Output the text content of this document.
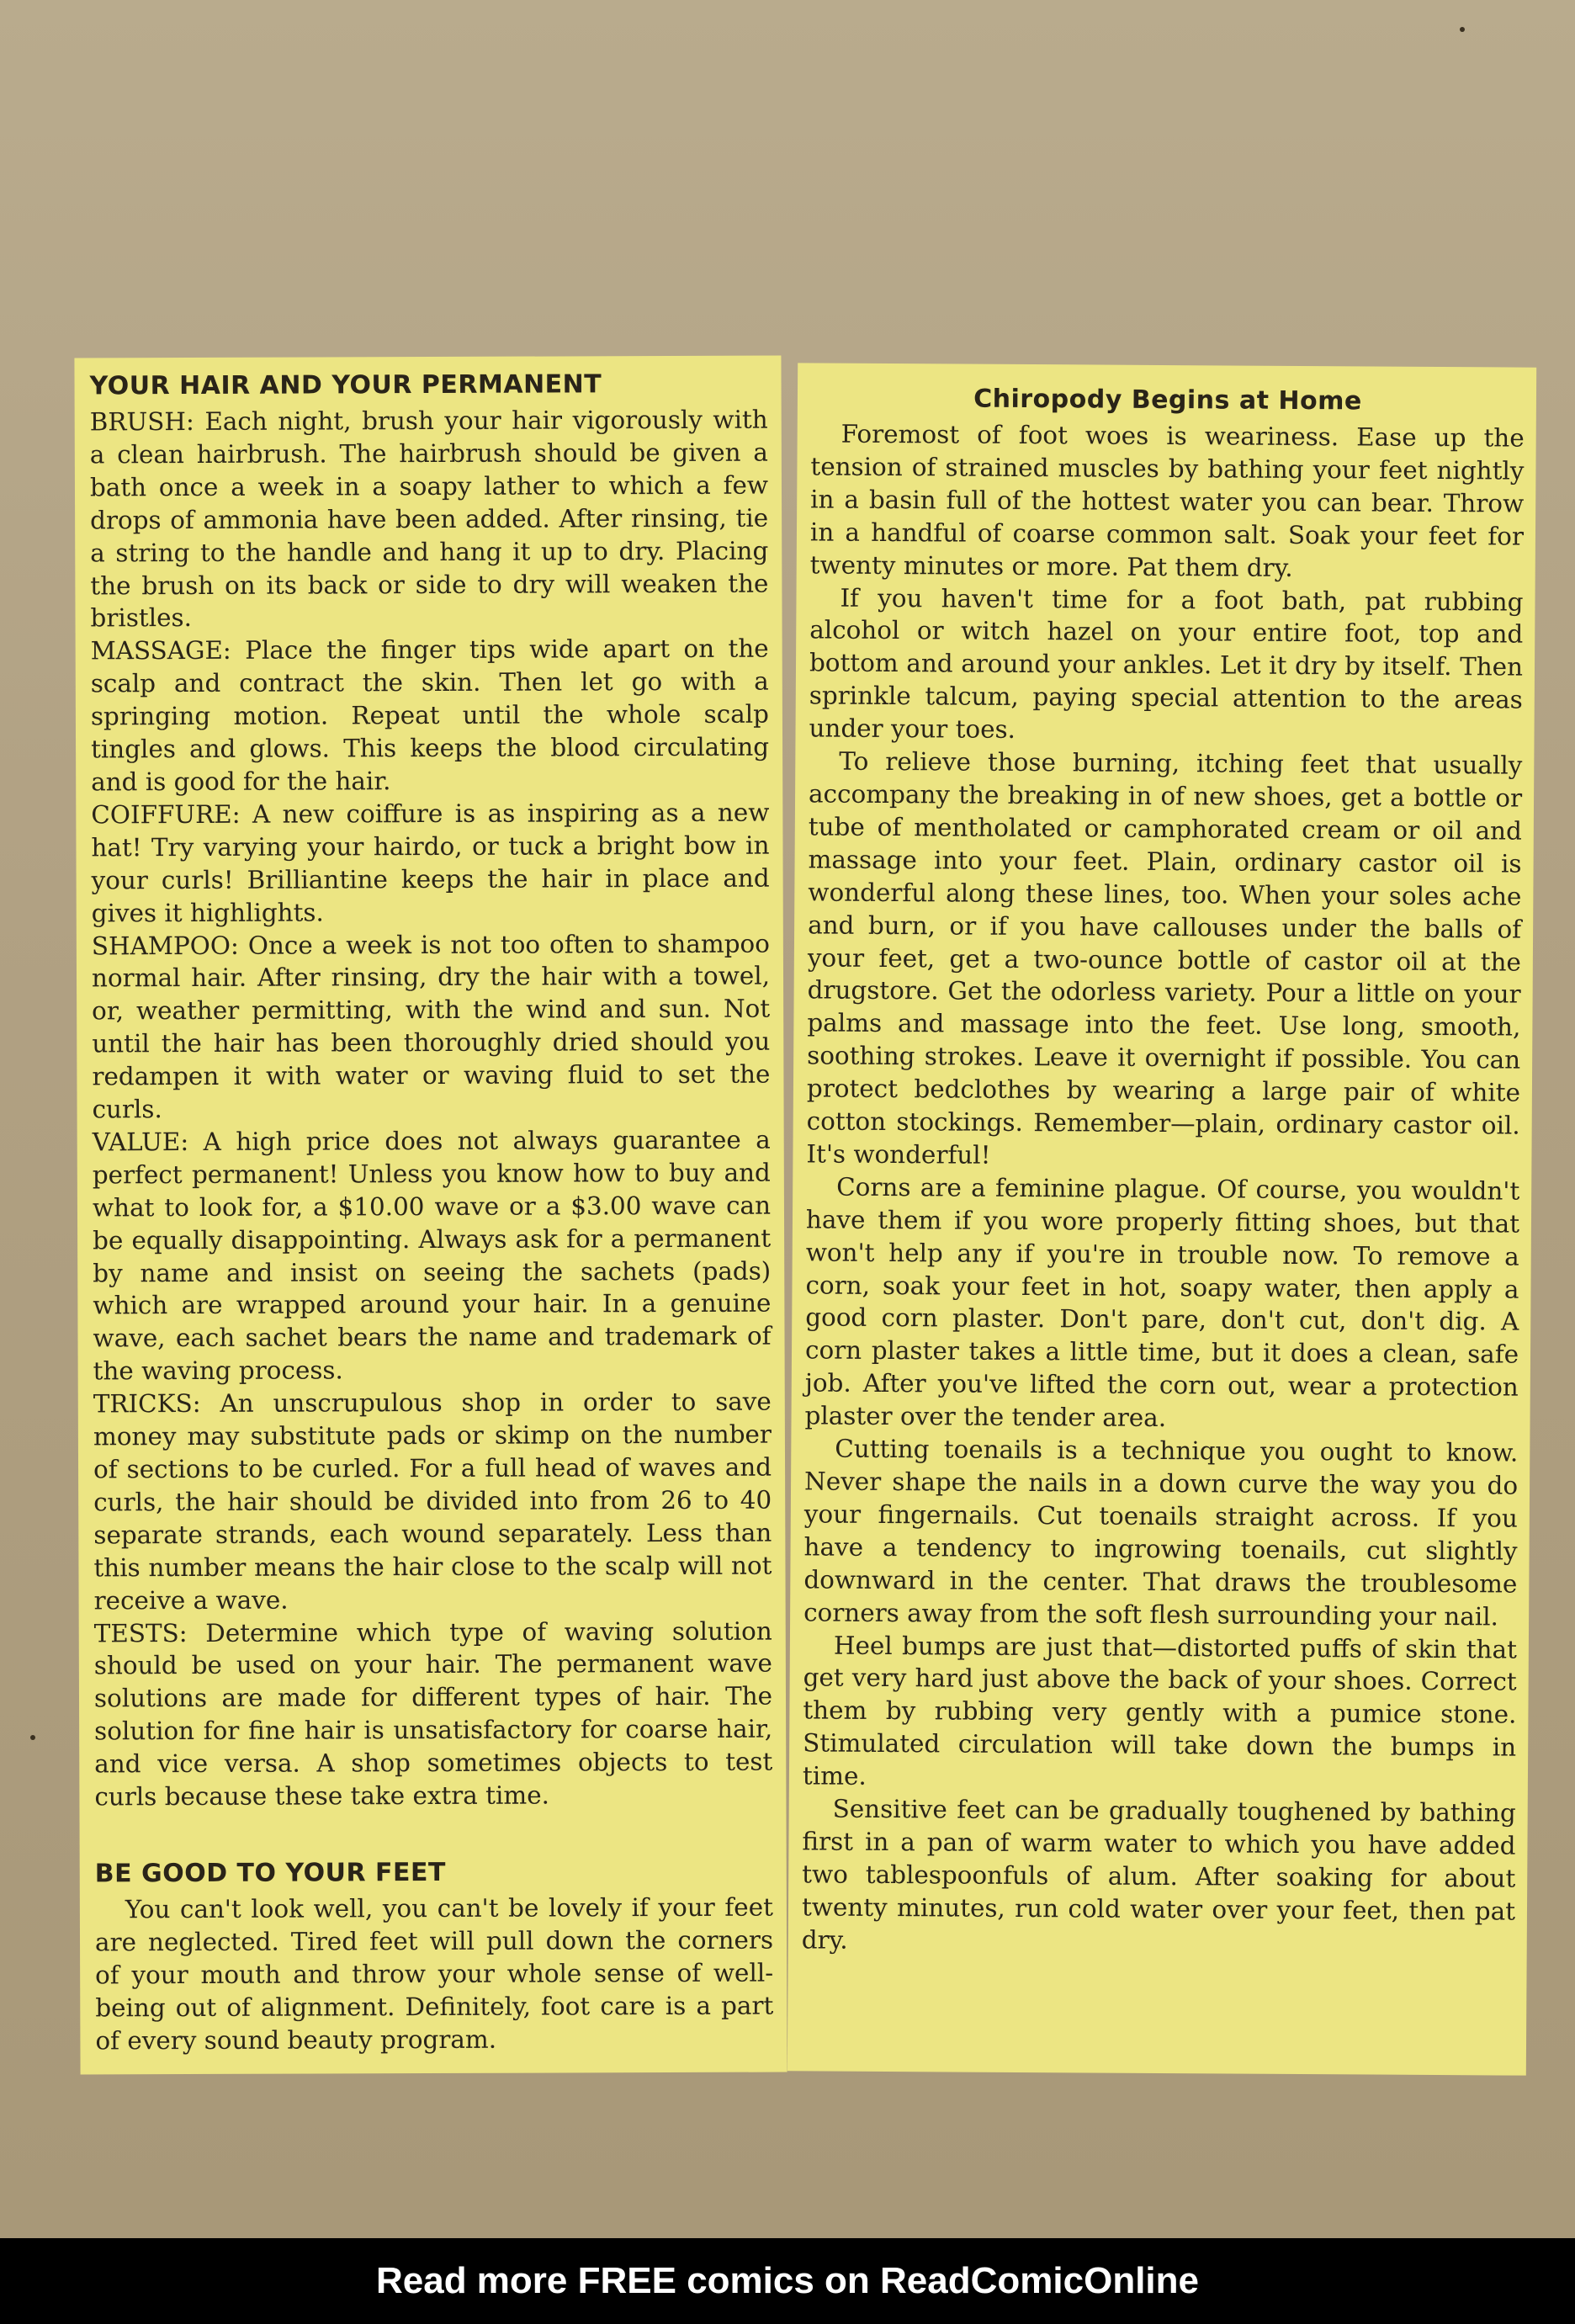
YOUR HAIR AND YOUR PERMANENT

BRUSH: Each night, brush your hair vigorously with a clean hairbrush. The hairbrush should be given a bath once a week in a soapy lather to which a few drops of ammonia have been added. After rinsing, tie a string to the handle and hang it up to dry. Placing the brush on its back or side to dry will weaken the bristles.

MASSAGE: Place the finger tips wide apart on the scalp and contract the skin. Then let go with a springing motion. Repeat until the whole scalp tingles and glows. This keeps the blood circulating and is good for the hair.

COIFFURE: A new coiffure is as inspiring as a new hat! Try varying your hairdo, or tuck a bright bow in your curls! Brilliantine keeps the hair in place and gives it highlights.

SHAMPOO: Once a week is not too often to shampoo normal hair. After rinsing, dry the hair with a towel, or, weather permitting, with the wind and sun. Not until the hair has been thoroughly dried should you redampen it with water or waving fluid to set the curls.

VALUE: A high price does not always guarantee a perfect permanent! Unless you know how to buy and what to look for, a $10.00 wave or a $3.00 wave can be equally disappointing. Always ask for a permanent by name and insist on seeing the sachets (pads) which are wrapped around your hair. In a genuine wave, each sachet bears the name and trademark of the waving process.

TRICKS: An unscrupulous shop in order to save money may substitute pads or skimp on the number of sections to be curled. For a full head of waves and curls, the hair should be divided into from 26 to 40 separate strands, each wound separately. Less than this number means the hair close to the scalp will not receive a wave.

TESTS: Determine which type of waving solution should be used on your hair. The permanent wave solutions are made for different types of hair. The solution for fine hair is unsatisfactory for coarse hair, and vice versa. A shop sometimes objects to test curls because these take extra time.

BE GOOD TO YOUR FEET

You can't look well, you can't be lovely if your feet are neglected. Tired feet will pull down the corners of your mouth and throw your whole sense of well-being out of alignment. Definitely, foot care is a part of every sound beauty program.

Chiropody Begins at Home

Foremost of foot woes is weariness. Ease up the tension of strained muscles by bathing your feet nightly in a basin full of the hottest water you can bear. Throw in a handful of coarse common salt. Soak your feet for twenty minutes or more. Pat them dry.

If you haven't time for a foot bath, pat rubbing alcohol or witch hazel on your entire foot, top and bottom and around your ankles. Let it dry by itself. Then sprinkle talcum, paying special attention to the areas under your toes.

To relieve those burning, itching feet that usually accompany the breaking in of new shoes, get a bottle or tube of mentholated or camphorated cream or oil and massage into your feet. Plain, ordinary castor oil is wonderful along these lines, too. When your soles ache and burn, or if you have callouses under the balls of your feet, get a two-ounce bottle of castor oil at the drugstore. Get the odorless variety. Pour a little on your palms and massage into the feet. Use long, smooth, soothing strokes. Leave it overnight if possible. You can protect bedclothes by wearing a large pair of white cotton stockings. Remember—plain, ordinary castor oil. It's wonderful!

Corns are a feminine plague. Of course, you wouldn't have them if you wore properly fitting shoes, but that won't help any if you're in trouble now. To remove a corn, soak your feet in hot, soapy water, then apply a good corn plaster. Don't pare, don't cut, don't dig. A corn plaster takes a little time, but it does a clean, safe job. After you've lifted the corn out, wear a protection plaster over the tender area.

Cutting toenails is a technique you ought to know. Never shape the nails in a down curve the way you do your fingernails. Cut toenails straight across. If you have a tendency to ingrowing toenails, cut slightly downward in the center. That draws the troublesome corners away from the soft flesh surrounding your nail.

Heel bumps are just that—distorted puffs of skin that get very hard just above the back of your shoes. Correct them by rubbing very gently with a pumice stone. Stimulated circulation will take down the bumps in time.

Sensitive feet can be gradually toughened by bathing first in a pan of warm water to which you have added two tablespoonfuls of alum. After soaking for about twenty minutes, run cold water over your feet, then pat dry.

Read more FREE comics on ReadComicOnline
